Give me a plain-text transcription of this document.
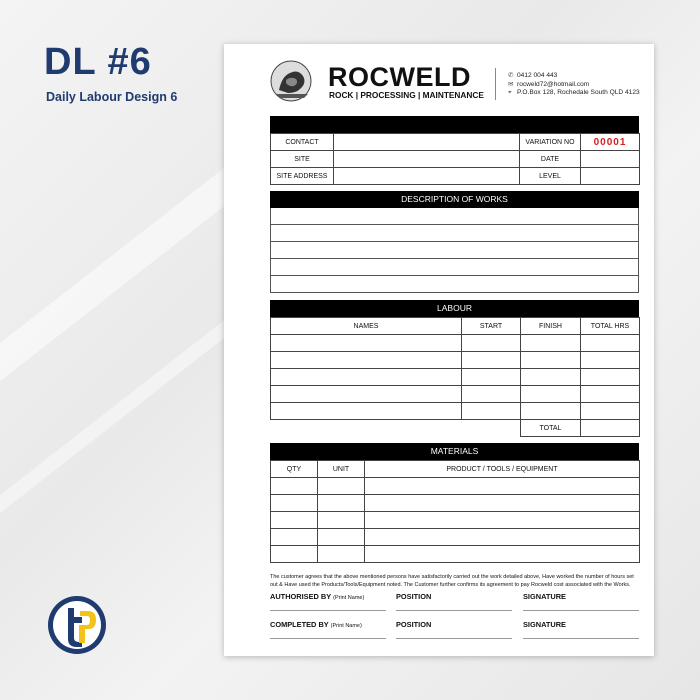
DL #6
Daily Labour Design 6
ROCWELD
ROCK | PROCESSING | MAINTENANCE
✆ 0412 004 443
✉ rocweld72@hotmail.com
⌖ P.O.Box 128, Rochedale South QLD 4123
CONTACT		VARIATION NO	00001
SITE		DATE	
SITE ADDRESS		LEVEL	
DESCRIPTION OF WORKS
LABOUR
NAMES	START	FINISH	TOTAL HRS

		TOTAL	
MATERIALS
QTY	UNIT	PRODUCT / TOOLS / EQUIPMENT

The customer agrees that the above mentioned persons have satisfactorily carried out the work detailed above, Have worked the number of hours set out & Have used the Products/Tools/Equipment noted. The Customer further confirms its agreement to pay Rocweld cost associated with the Works.
AUTHORISED BY (Print Name)	POSITION	SIGNATURE
COMPLETED BY (Print Name)	POSITION	SIGNATURE
